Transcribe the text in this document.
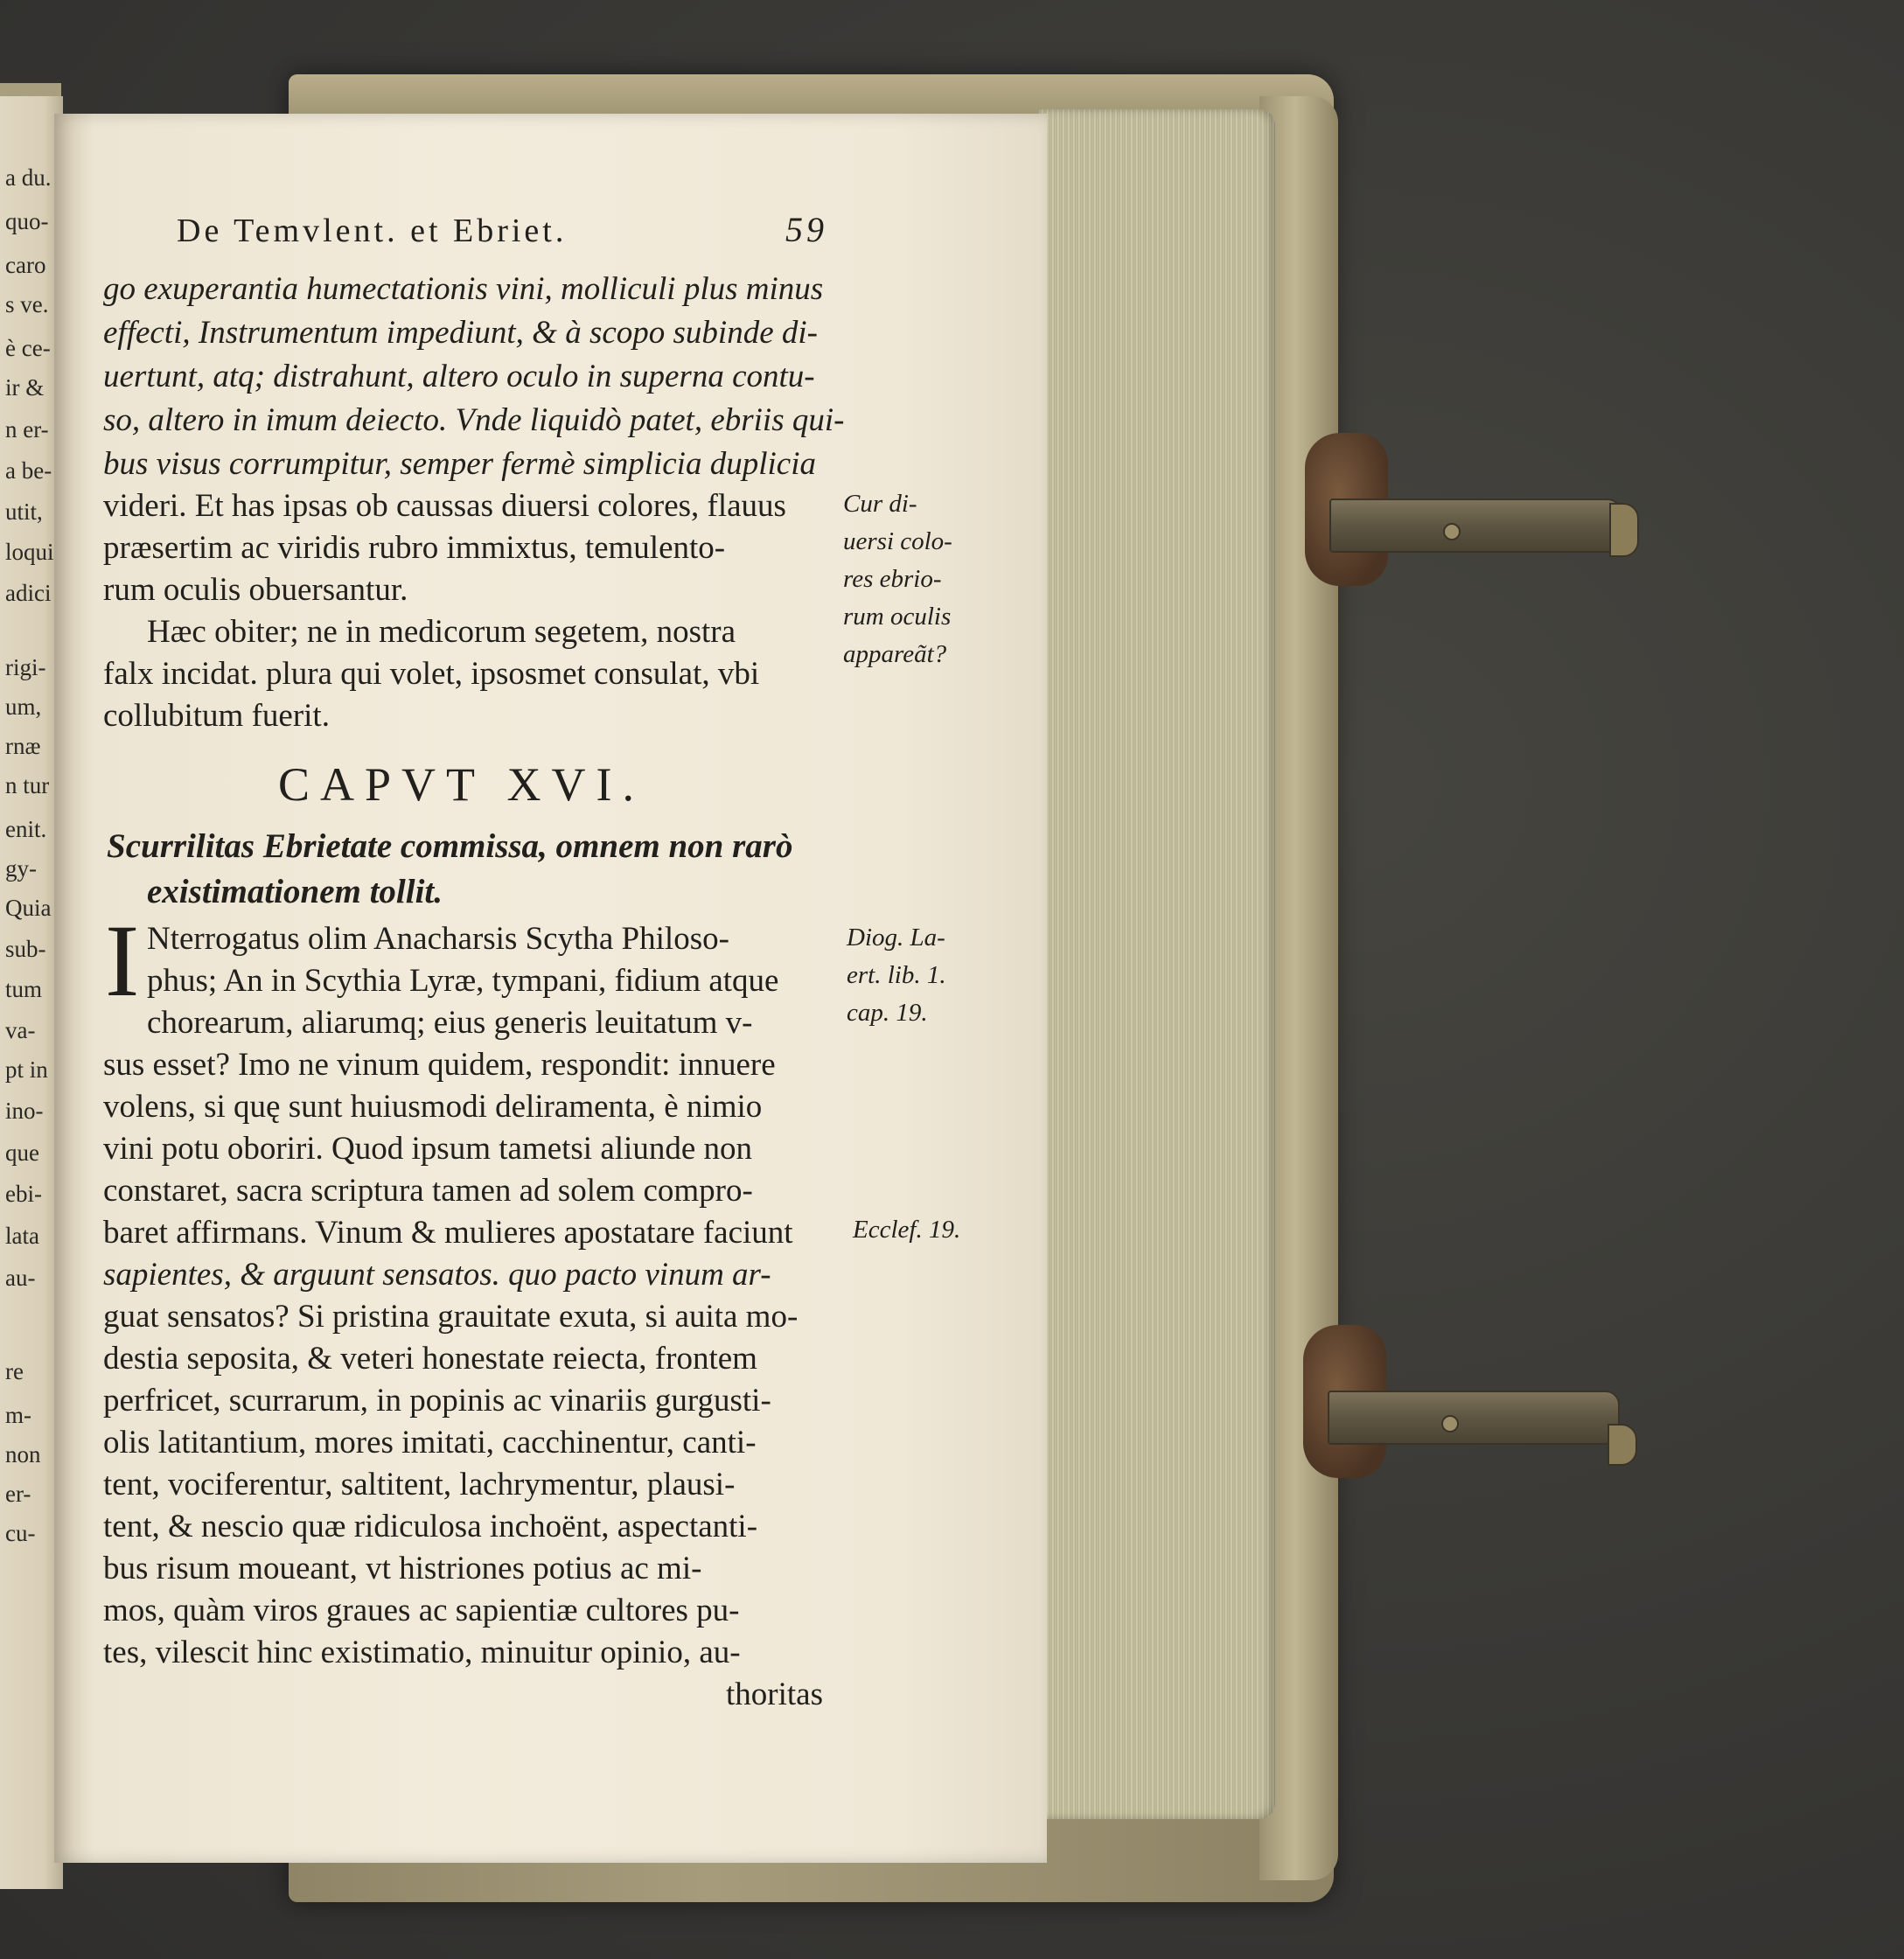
a du.
quo-
caro
s ve.
è ce-
ir &
n er-
a be-
utit,
loqui
adici
rigi-
um,
rnæ
n tur
enit.
gy-
Quia
sub-
tum
va-
pt in
ino-
que
ebi-
lata
au-
re
m-
non
er-
cu-
De Temvlent. et Ebriet.	59
go exuperantia humectationis vini, molliculi plus minus
effecti, Instrumentum impediunt, & à scopo subinde di-
uertunt, atq; distrahunt, altero oculo in superna contu-
so, altero in imum deiecto. Vnde liquidò patet, ebriis qui-
bus visus corrumpitur, semper fermè simplicia duplicia
videri. Et has ipsas ob caussas diuersi colores, flauus
præsertim ac viridis rubro immixtus, temulento-
rum oculis obuersantur.
Hæc obiter; ne in medicorum segetem, nostra
falx incidat. plura qui volet, ipsosmet consulat, vbi
collubitum fuerit.
Cur di-
uersi colo-
res ebrio-
rum oculis
appareãt?
CAPVT XVI.
Scurrilitas Ebrietate commissa, omnem non rarò
existimationem tollit.
I Nterrogatus olim Anacharsis Scytha Philoso-
phus; An in Scythia Lyræ, tympani, fidium atque
chorearum, aliarumq; eius generis leuitatum v-
sus esset? Imo ne vinum quidem, respondit: innuere
volens, si quę sunt huiusmodi deliramenta, è nimio
vini potu oboriri. Quod ipsum tametsi aliunde non
constaret, sacra scriptura tamen ad solem compro-
baret affirmans. Vinum & mulieres apostatare faciunt
sapientes, & arguunt sensatos. quo pacto vinum ar-
guat sensatos? Si pristina grauitate exuta, si auita mo-
destia seposita, & veteri honestate reiecta, frontem
perfricet, scurrarum, in popinis ac vinariis gurgusti-
olis latitantium, mores imitati, cacchinentur, canti-
tent, vociferentur, saltitent, lachrymentur, plausi-
tent, & nescio quæ ridiculosa inchoënt, aspectanti-
bus risum moueant, vt histriones potius ac mi-
mos, quàm viros graues ac sapientiæ cultores pu-
tes, vilescit hinc existimatio, minuitur opinio, au-
thoritas
Diog. La-
ert. lib. 1.
cap. 19.
Ecclef. 19.
